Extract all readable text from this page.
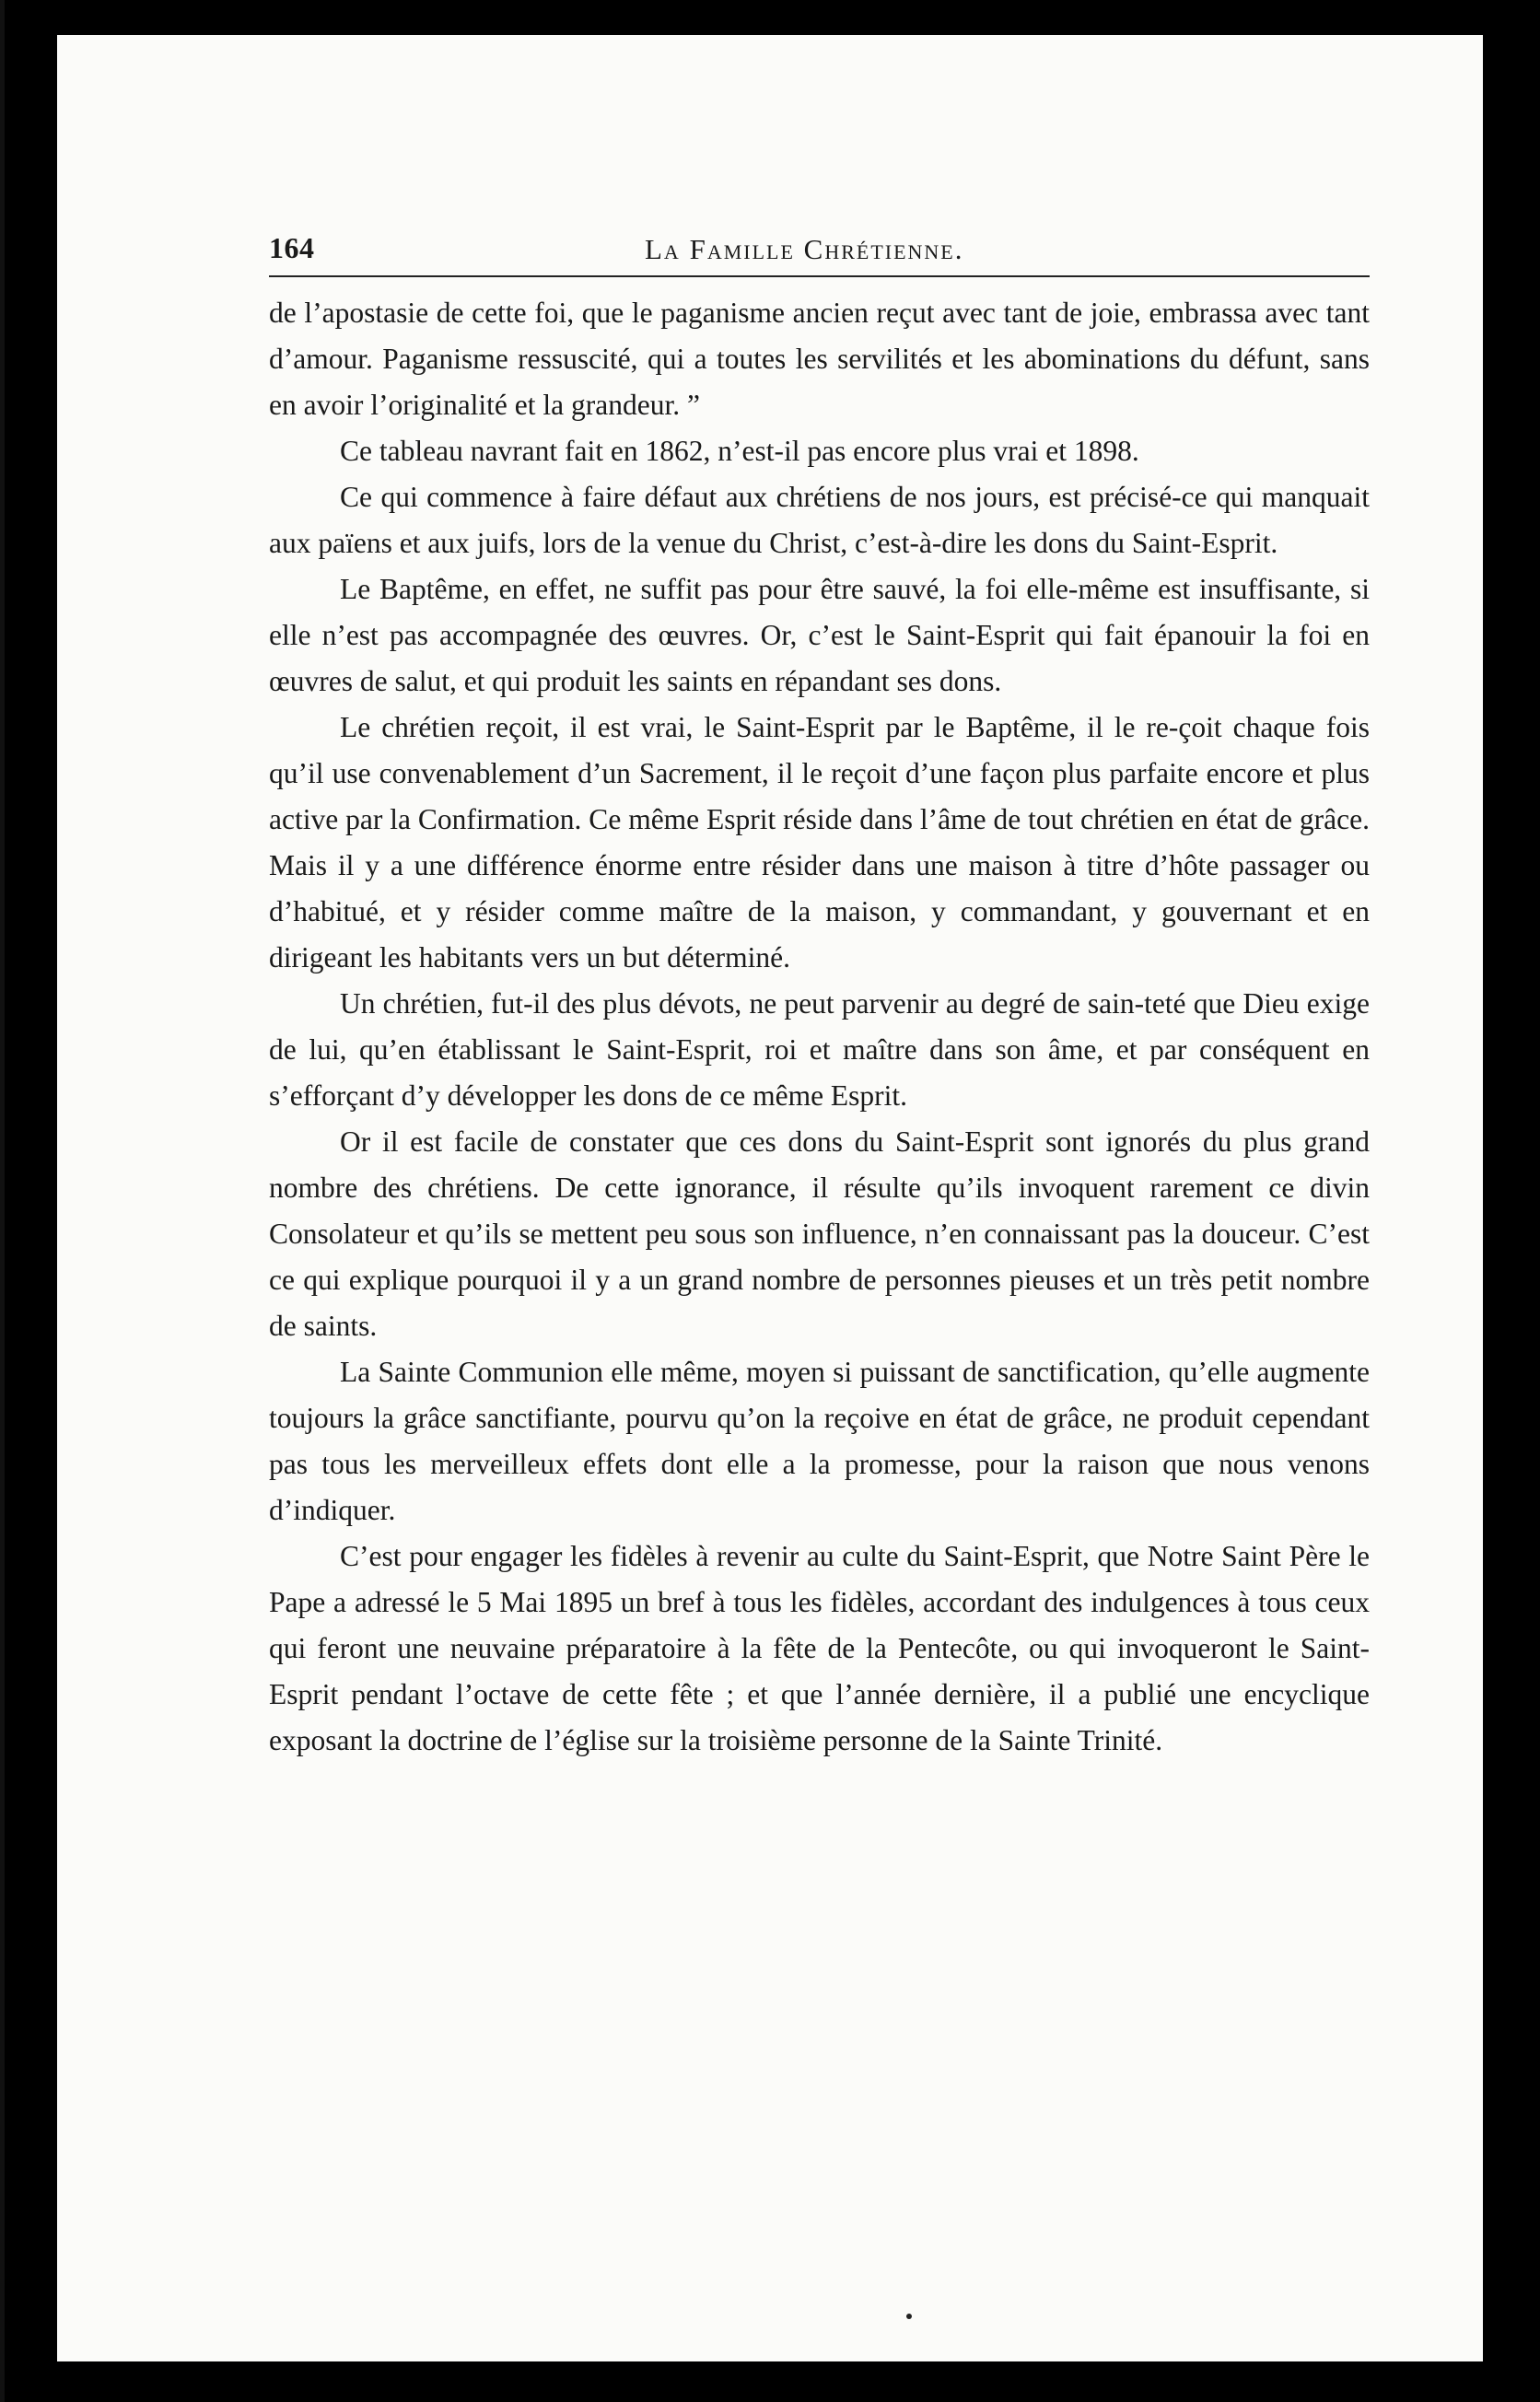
164	La Famille Chrétienne.

de l’apostasie de cette foi, que le paganisme ancien reçut avec tant de joie, embrassa avec tant d’amour. Paganisme ressuscité, qui a toutes les servilités et les abominations du défunt, sans en avoir l’originalité et la grandeur. ”

Ce tableau navrant fait en 1862, n’est-il pas encore plus vrai et 1898.

Ce qui commence à faire défaut aux chrétiens de nos jours, est précisé-ce qui manquait aux païens et aux juifs, lors de la venue du Christ, c’est-à-dire les dons du Saint-Esprit.

Le Baptême, en effet, ne suffit pas pour être sauvé, la foi elle-même est insuffisante, si elle n’est pas accompagnée des œuvres. Or, c’est le Saint-Esprit qui fait épanouir la foi en œuvres de salut, et qui produit les saints en répandant ses dons.

Le chrétien reçoit, il est vrai, le Saint-Esprit par le Baptême, il le re-çoit chaque fois qu’il use convenablement d’un Sacrement, il le reçoit d’une façon plus parfaite encore et plus active par la Confirmation. Ce même Esprit réside dans l’âme de tout chrétien en état de grâce. Mais il y a une différence énorme entre résider dans une maison à titre d’hôte passager ou d’habitué, et y résider comme maître de la maison, y commandant, y gouvernant et en dirigeant les habitants vers un but déterminé.

Un chrétien, fut-il des plus dévots, ne peut parvenir au degré de sain-teté que Dieu exige de lui, qu’en établissant le Saint-Esprit, roi et maître dans son âme, et par conséquent en s’efforçant d’y développer les dons de ce même Esprit.

Or il est facile de constater que ces dons du Saint-Esprit sont ignorés du plus grand nombre des chrétiens. De cette ignorance, il résulte qu’ils invoquent rarement ce divin Consolateur et qu’ils se mettent peu sous son influence, n’en connaissant pas la douceur. C’est ce qui explique pourquoi il y a un grand nombre de personnes pieuses et un très petit nombre de saints.

La Sainte Communion elle même, moyen si puissant de sanctification, qu’elle augmente toujours la grâce sanctifiante, pourvu qu’on la reçoive en état de grâce, ne produit cependant pas tous les merveilleux effets dont elle a la promesse, pour la raison que nous venons d’indiquer.

C’est pour engager les fidèles à revenir au culte du Saint-Esprit, que Notre Saint Père le Pape a adressé le 5 Mai 1895 un bref à tous les fidèles, accordant des indulgences à tous ceux qui feront une neuvaine préparatoire à la fête de la Pentecôte, ou qui invoqueront le Saint-Esprit pendant l’octave de cette fête ; et que l’année dernière, il a publié une encyclique exposant la doctrine de l’église sur la troisième personne de la Sainte Trinité.
